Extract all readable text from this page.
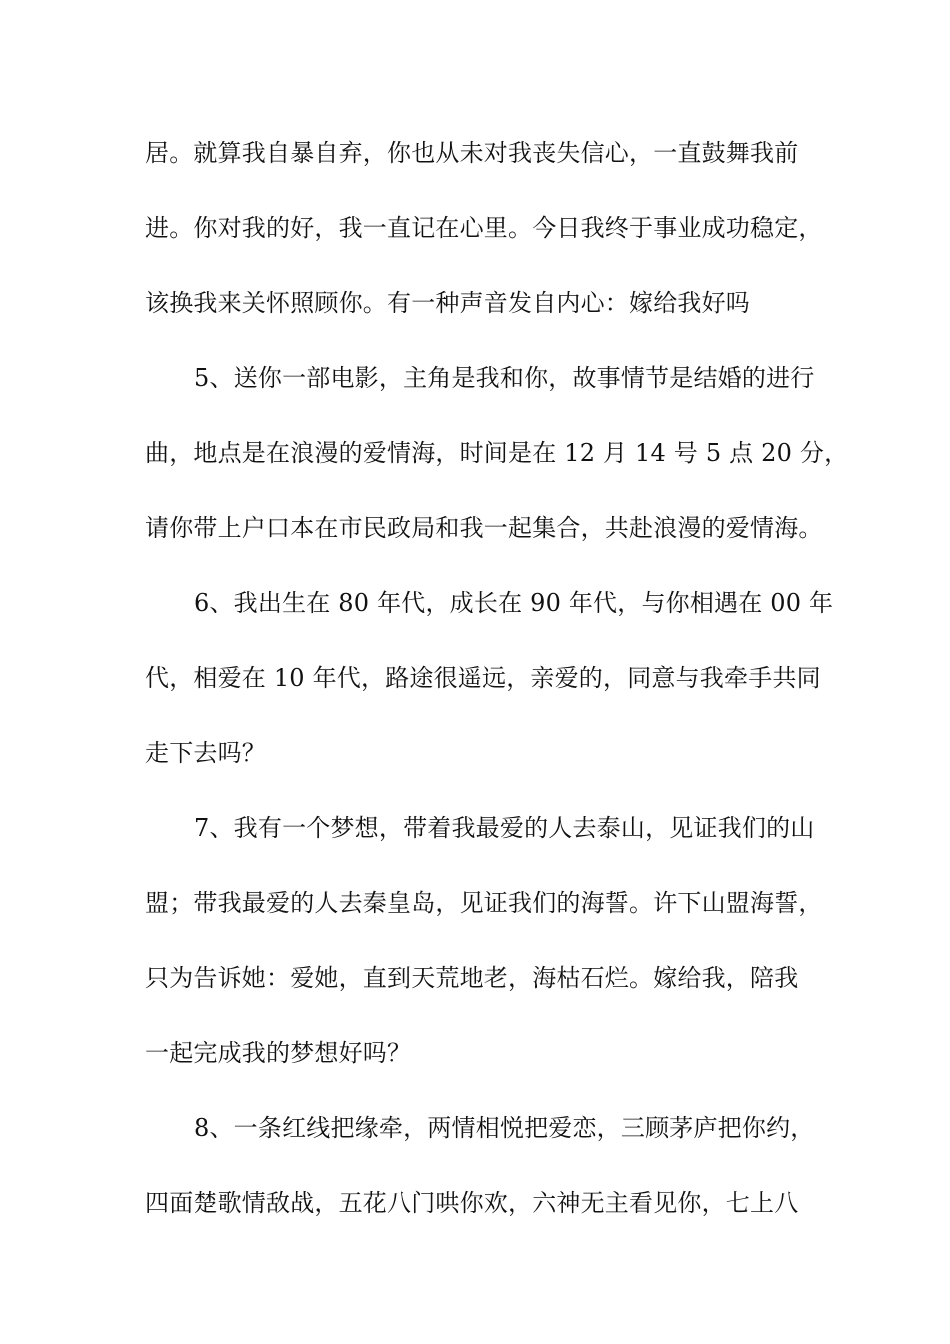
居。就算我自暴自弃，你也从未对我丧失信心，一直鼓舞我前
进。你对我的好，我一直记在心里。今日我终于事业成功稳定，
该换我来关怀照顾你。有一种声音发自内心：嫁给我好吗
5、送你一部电影，主角是我和你，故事情节是结婚的进行
曲，地点是在浪漫的爱情海，时间是在 12 月 14 号 5 点 20 分，
请你带上户口本在市民政局和我一起集合，共赴浪漫的爱情海。
6、我出生在 80 年代，成长在 90 年代，与你相遇在 00 年
代，相爱在 10 年代，路途很遥远，亲爱的，同意与我牵手共同
走下去吗？
7、我有一个梦想，带着我最爱的人去泰山，见证我们的山
盟；带我最爱的人去秦皇岛，见证我们的海誓。许下山盟海誓，
只为告诉她：爱她，直到天荒地老，海枯石烂。嫁给我，陪我
一起完成我的梦想好吗？
8、一条红线把缘牵，两情相悦把爱恋，三顾茅庐把你约，
四面楚歌情敌战，五花八门哄你欢，六神无主看见你，七上八
